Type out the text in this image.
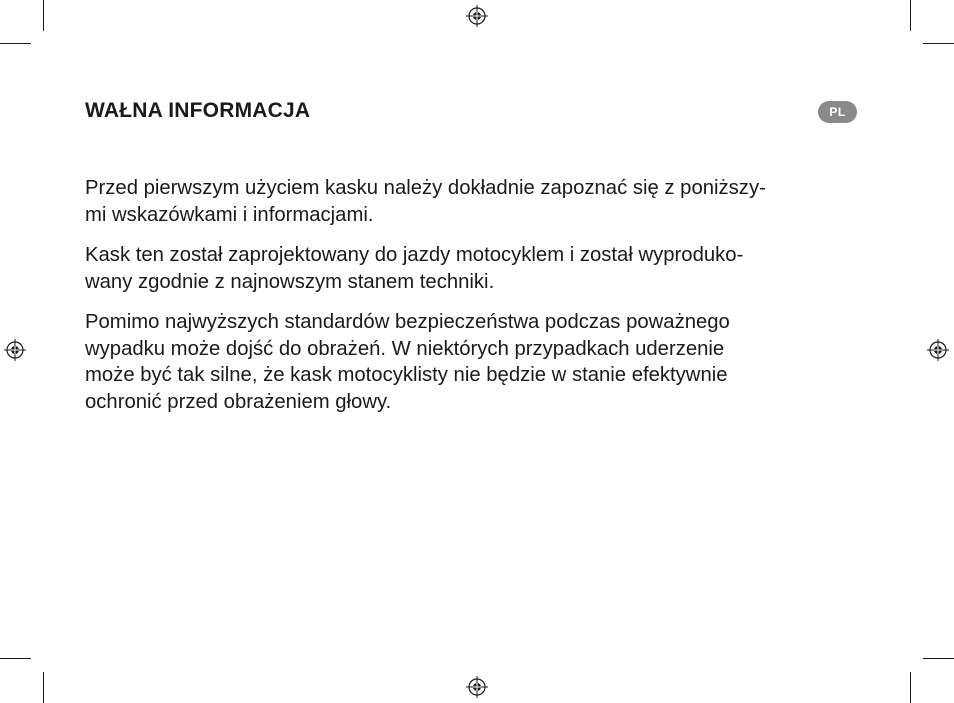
WAŁNA INFORMACJA	PL

Przed pierwszym użyciem kasku należy dokładnie zapoznać się z poniższy-
mi wskazówkami i informacjami.

Kask ten został zaprojektowany do jazdy motocyklem i został wyproduko-
wany zgodnie z najnowszym stanem techniki.

Pomimo najwyższych standardów bezpieczeństwa podczas poważnego
wypadku może dojść do obrażeń. W niektórych przypadkach uderzenie
może być tak silne, że kask motocyklisty nie będzie w stanie efektywnie
ochronić przed obrażeniem głowy.
